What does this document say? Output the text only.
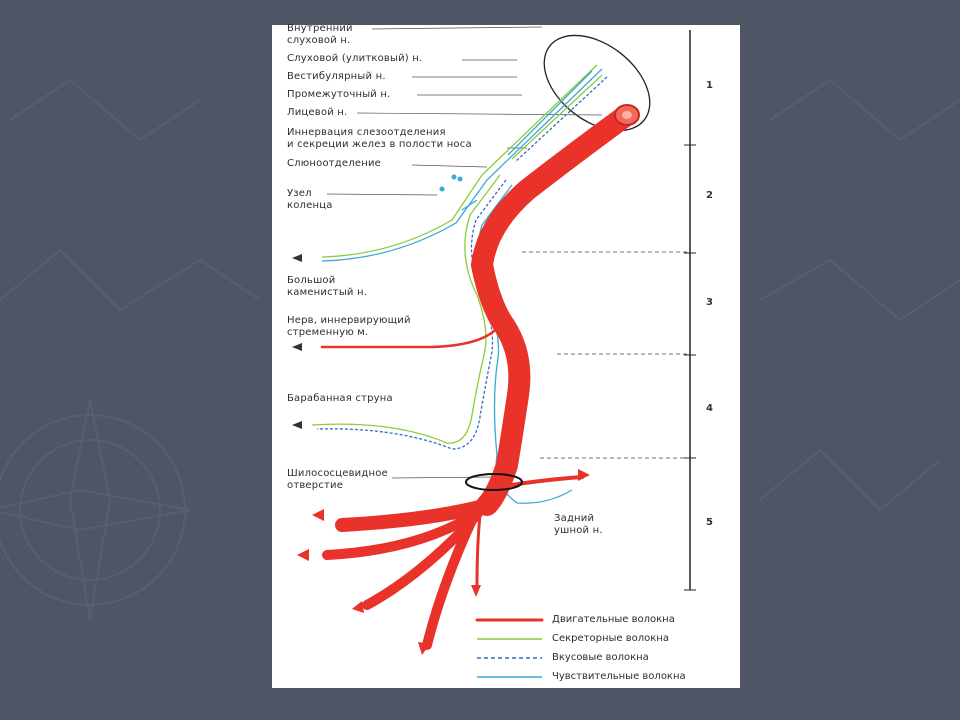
Внутренний
слуховой н.
Слуховой (улитковый) н.
Вестибулярный н.
Промежуточный н.
Лицевой н.
Иннервация слезоотделения
и секреции желез в полости носа
Слюноотделение
Узел
коленца
Большой
каменистый н.
Нерв, иннервирующий
стременную м.
Барабанная струна
Шилососцевидное
отверстие
Задний
ушной н.
1
2
3
4
5
Двигательные волокна
Секреторные волокна
Вкусовые волокна
Чувствительные волокна
